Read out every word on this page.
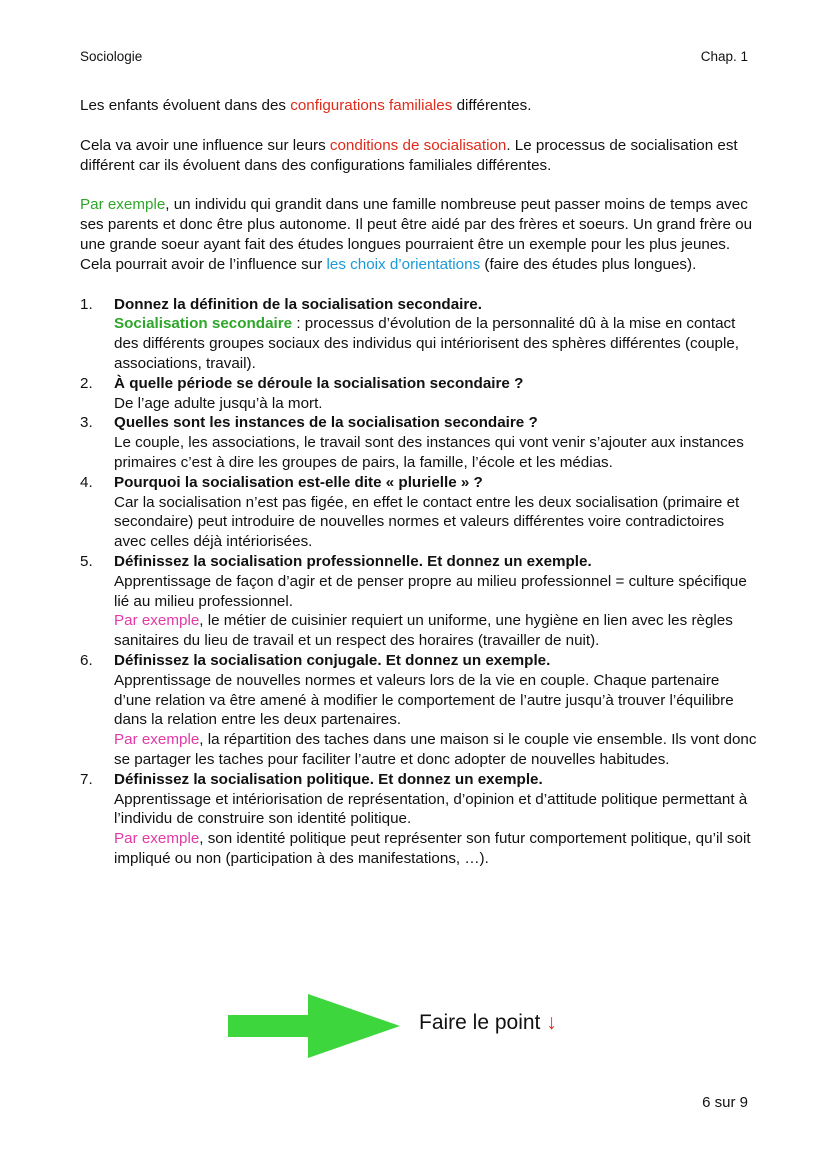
Sociologie	Chap. 1

Les enfants évoluent dans des configurations familiales différentes.

Cela va avoir une influence sur leurs conditions de socialisation. Le processus de socialisation est différent car ils évoluent dans des configurations familiales différentes.

Par exemple, un individu qui grandit dans une famille nombreuse peut passer moins de temps avec ses parents et donc être plus autonome. Il peut être aidé par des frères et soeurs. Un grand frère ou une grande soeur ayant fait des études longues pourraient être un exemple pour les plus jeunes. Cela pourrait avoir de l’influence sur les choix d’orientations (faire des études plus longues).

1. Donnez la définition de la socialisation secondaire.
Socialisation secondaire : processus d’évolution de la personnalité dû à la mise en contact des différents groupes sociaux des individus qui intériorisent des sphères différentes (couple, associations, travail).
2. À quelle période se déroule la socialisation secondaire ?
De l’age adulte jusqu’à la mort.
3. Quelles sont les instances de la socialisation secondaire ?
Le couple, les associations, le travail sont des instances qui vont venir s’ajouter aux instances primaires c’est à dire les groupes de pairs, la famille, l’école et les médias.
4. Pourquoi la socialisation est-elle dite « plurielle » ?
Car la socialisation n’est pas figée, en effet le contact entre les deux socialisation (primaire et secondaire) peut introduire de nouvelles normes et valeurs différentes voire contradictoires avec celles déjà intériorisées.
5. Définissez la socialisation professionnelle. Et donnez un exemple.
Apprentissage de façon d’agir et de penser propre au milieu professionnel = culture spécifique lié au milieu professionnel.
Par exemple, le métier de cuisinier requiert un uniforme, une hygiène en lien avec les règles sanitaires du lieu de travail et un respect des horaires (travailler de nuit).
6. Définissez la socialisation conjugale. Et donnez un exemple.
Apprentissage de nouvelles normes et valeurs lors de la vie en couple. Chaque partenaire d’une relation va être amené à modifier le comportement de l’autre jusqu’à trouver l’équilibre dans la relation entre les deux partenaires.
Par exemple, la répartition des taches dans une maison si le couple vie ensemble. Ils vont donc se partager les taches pour faciliter l’autre et donc adopter de nouvelles habitudes.
7. Définissez la socialisation politique. Et donnez un exemple.
Apprentissage et intériorisation de représentation, d’opinion et d’attitude politique permettant à l’individu de construire son identité politique.
Par exemple, son identité politique peut représenter son futur comportement politique, qu’il soit impliqué ou non (participation à des manifestations, …).
Faire le point ↓
6 sur 9
